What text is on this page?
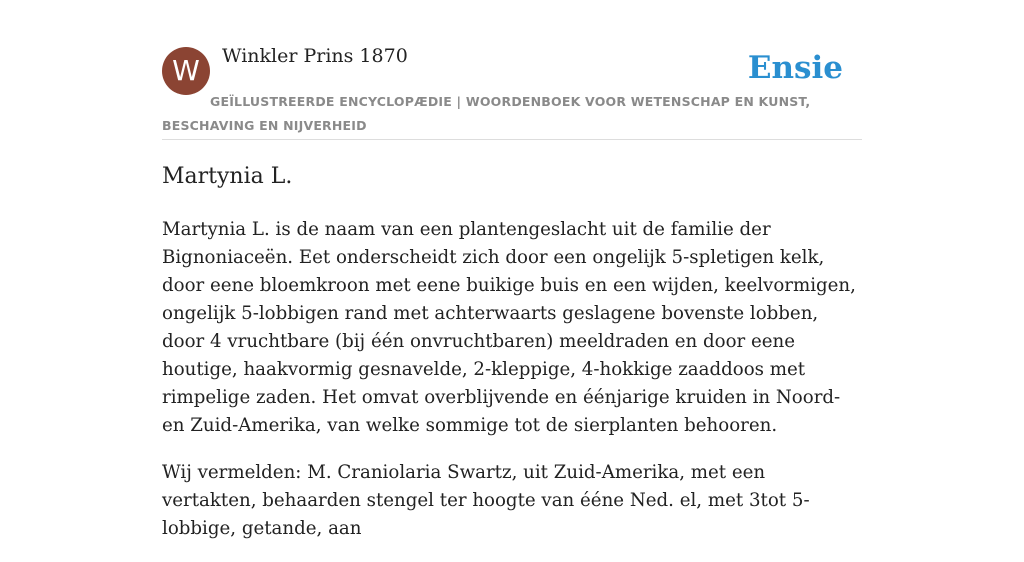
W	Winkler Prins 1870	Ensie
GEÏLLUSTREERDE ENCYCLOPÆDIE | WOORDENBOEK VOOR WETENSCHAP EN KUNST, BESCHAVING EN NIJVERHEID
Martynia L.

Martynia L. is de naam van een plantengeslacht uit de familie der Bignoniaceën. Eet onderscheidt zich door een ongelijk 5-spletigen kelk, door eene bloemkroon met eene buikige buis en een wijden, keelvormigen, ongelijk 5-lobbigen rand met achterwaarts geslagene bovenste lobben, door 4 vruchtbare (bij één onvruchtbaren) meeldraden en door eene houtige, haakvormig gesnavelde, 2-kleppige, 4-hokkige zaaddoos met rimpelige zaden. Het omvat overblijvende en éénjarige kruiden in Noord- en Zuid-Amerika, van welke sommige tot de sierplanten behooren.

Wij vermelden: M. Craniolaria Swartz, uit Zuid-Amerika, met een vertakten, behaarden stengel ter hoogte van ééne Ned. el, met 3tot 5-lobbige, getande, aan
